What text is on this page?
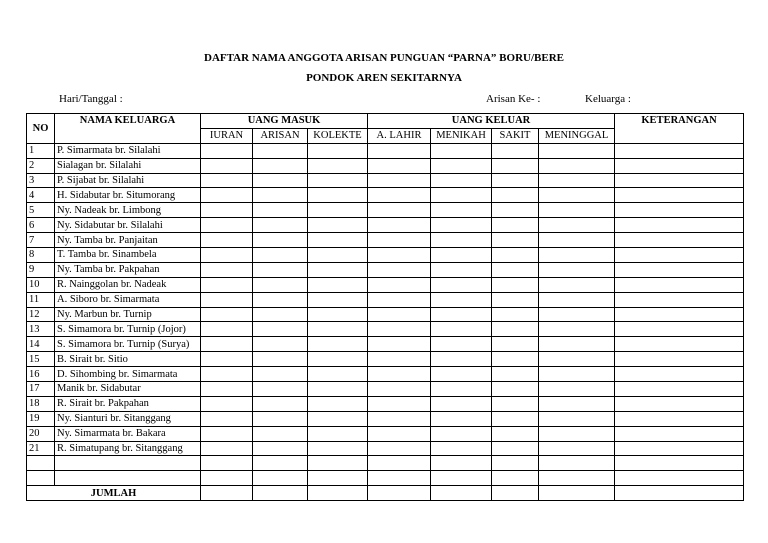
DAFTAR NAMA ANGGOTA ARISAN PUNGUAN “PARNA” BORU/BERE
PONDOK AREN SEKITARNYA
Hari/Tanggal :	Arisan Ke- :	Keluarga :
NO	NAMA KELUARGA	UANG MASUK			UANG KELUAR				KETERANGAN
		IURAN	ARISAN	KOLEKTE	A. LAHIR	MENIKAH	SAKIT	MENINGGAL	
1	P. Simarmata br. Silalahi								
2	Sialagan br. Silalahi								
3	P. Sijabat br. Silalahi								
4	H. Sidabutar br. Situmorang								
5	Ny. Nadeak br. Limbong								
6	Ny. Sidabutar br. Silalahi								
7	Ny. Tamba br. Panjaitan								
8	T. Tamba br. Sinambela								
9	Ny. Tamba br. Pakpahan								
10	R. Nainggolan br. Nadeak								
11	A. Siboro br. Simarmata								
12	Ny. Marbun br. Turnip								
13	S. Simamora br. Turnip (Jojor)								
14	S. Simamora br. Turnip (Surya)								
15	B. Sirait br. Sitio								
16	D. Sihombing br. Simarmata								
17	Manik br. Sidabutar								
18	R. Sirait br. Pakpahan								
19	Ny. Sianturi br. Sitanggang								
20	Ny. Simarmata br. Bakara								
21	R. Simatupang br. Sitanggang								

JUMLAH									
